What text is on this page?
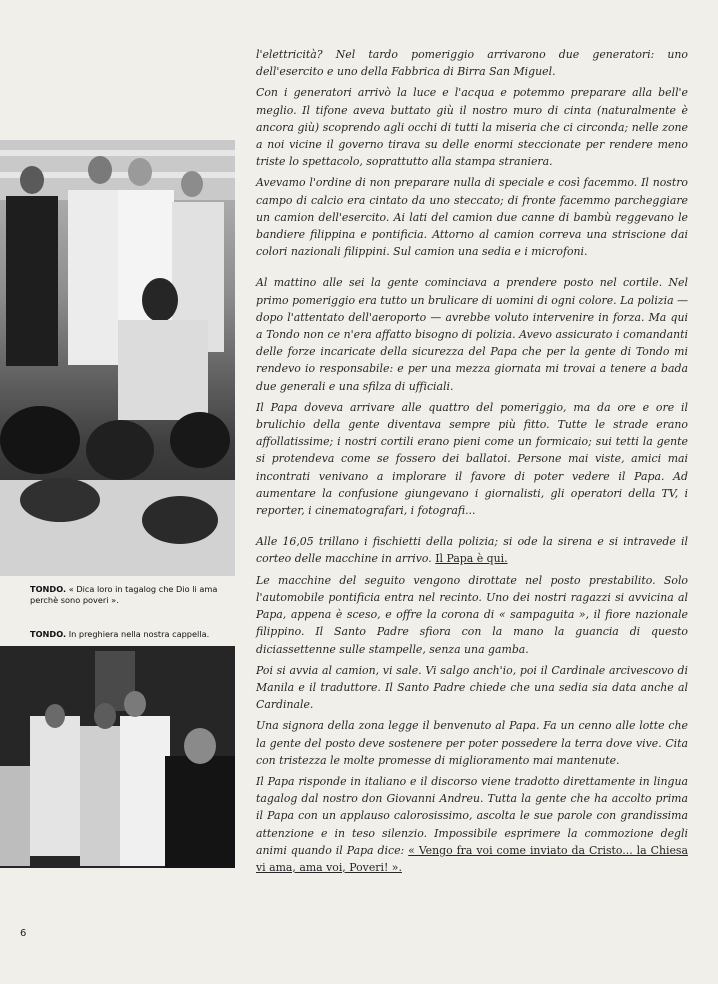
TONDO. « Dica loro in tagalog che Dio li ama perchè sono poveri ».
TONDO. In preghiera nella nostra cappella.

l'elettricità? Nel tardo pomeriggio arrivarono due generatori: uno dell'esercito e uno della Fabbrica di Birra San Miguel.

Con i generatori arrivò la luce e l'acqua e potemmo preparare alla bell'e meglio. Il tifone aveva buttato giù il nostro muro di cinta (naturalmente è ancora giù) scoprendo agli occhi di tutti la miseria che ci circonda; nelle zone a noi vicine il governo tirava su delle enormi steccionate per rendere meno triste lo spettacolo, soprattutto alla stampa straniera.

Avevamo l'ordine di non preparare nulla di speciale e così facemmo. Il nostro campo di calcio era cintato da uno steccato; di fronte facemmo parcheggiare un camion dell'esercito. Ai lati del camion due canne di bambù reggevano le bandiere filippina e pontificia. Attorno al camion correva una striscione dai colori nazionali filippini. Sul camion una sedia e i microfoni.

Al mattino alle sei la gente cominciava a prendere posto nel cortile. Nel primo pomeriggio era tutto un brulicare di uomini di ogni colore. La polizia — dopo l'attentato dell'aeroporto — avrebbe voluto intervenire in forza. Ma qui a Tondo non ce n'era affatto bisogno di polizia. Avevo assicurato i comandanti delle forze incaricate della sicurezza del Papa che per la gente di Tondo mi rendevo io responsabile: e per una mezza giornata mi trovai a tenere a bada due generali e una sfilza di ufficiali.

Il Papa doveva arrivare alle quattro del pomeriggio, ma da ore e ore il brulichio della gente diventava sempre più fitto. Tutte le strade erano affollatissime; i nostri cortili erano pieni come un formicaio; sui tetti la gente si protendeva come se fossero dei ballatoi. Persone mai viste, amici mai incontrati venivano a implorare il favore di poter vedere il Papa. Ad aumentare la confusione giungevano i giornalisti, gli operatori della TV, i reporter, i cinematografari, i fotografi...

Alle 16,05 trillano i fischietti della polizia; si ode la sirena e si intravede il corteo delle macchine in arrivo. Il Papa è qui.

Le macchine del seguito vengono dirottate nel posto prestabilito. Solo l'automobile pontificia entra nel recinto. Uno dei nostri ragazzi si avvicina al Papa, appena è sceso, e offre la corona di « sampaguita », il fiore nazionale filippino. Il Santo Padre sfiora con la mano la guancia di questo diciassettenne sulle stampelle, senza una gamba.

Poi si avvia al camion, vi sale. Vi salgo anch'io, poi il Cardinale arcivescovo di Manila e il traduttore. Il Santo Padre chiede che una sedia sia data anche al Cardinale.

Una signora della zona legge il benvenuto al Papa. Fa un cenno alle lotte che la gente del posto deve sostenere per poter possedere la terra dove vive. Cita con tristezza le molte promesse di miglioramento mai mantenute.

Il Papa risponde in italiano e il discorso viene tradotto direttamente in lingua tagalog dal nostro don Giovanni Andreu. Tutta la gente che ha accolto prima il Papa con un applauso calorosissimo, ascolta le sue parole con grandissima attenzione e in teso silenzio. Impossibile esprimere la commozione degli animi quando il Papa dice: « Vengo fra voi come inviato da Cristo... la Chiesa vi ama, ama voi, Poveri! ».

6
